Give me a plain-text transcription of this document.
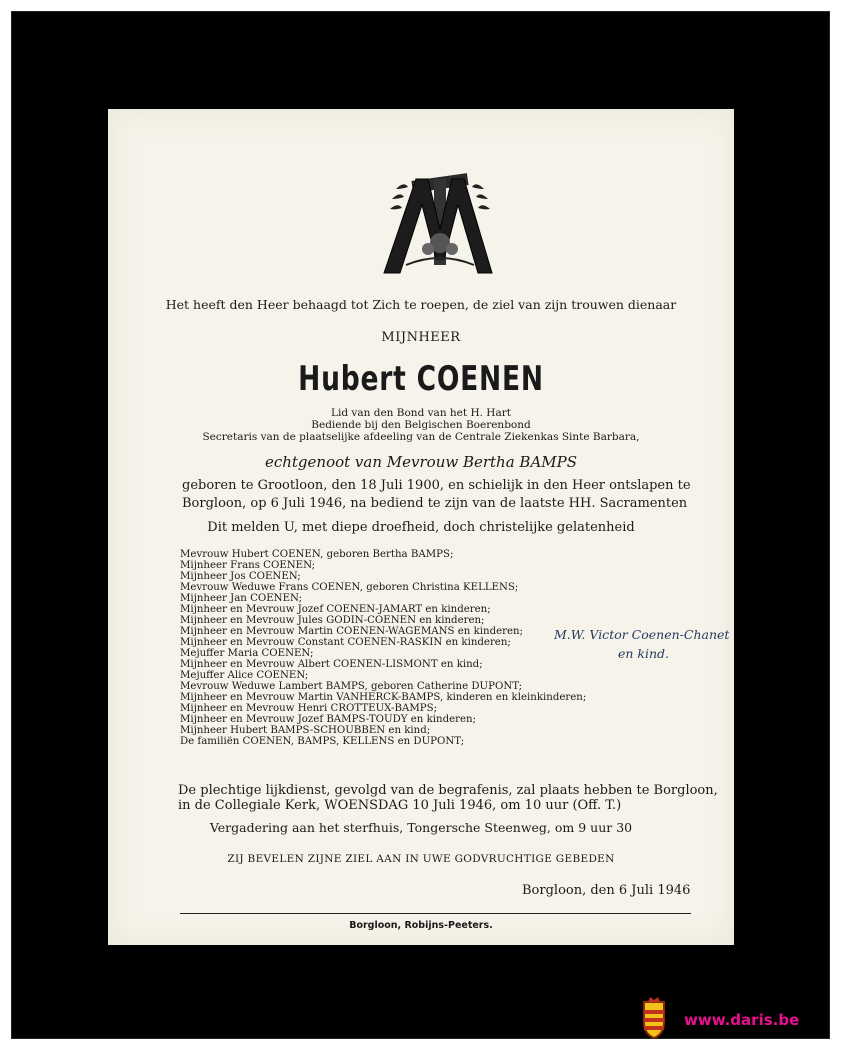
Het heeft den Heer behaagd tot Zich te roepen, de ziel van zijn trouwen dienaar
MIJNHEER
Hubert COENEN
Lid van den Bond van het H. Hart
Bediende bij den Belgischen Boerenbond
Secretaris van de plaatselijke afdeeling van de Centrale Ziekenkas Sinte Barbara,
echtgenoot van Mevrouw Bertha BAMPS
geboren te Grootloon, den 18 Juli 1900, en schielijk in den Heer ontslapen te
Borgloon, op 6 Juli 1946, na bediend te zijn van de laatste HH. Sacramenten
Dit melden U, met diepe droefheid, doch christelijke gelatenheid
Mevrouw Hubert COENEN, geboren Bertha BAMPS;
Mijnheer Frans COENEN;
Mijnheer Jos COENEN;
Mevrouw Weduwe Frans COENEN, geboren Christina KELLENS;
Mijnheer Jan COENEN;
Mijnheer en Mevrouw Jozef COENEN-JAMART en kinderen;
Mijnheer en Mevrouw Jules GODIN-COENEN en kinderen;
Mijnheer en Mevrouw Martin COENEN-WAGEMANS en kinderen;
Mijnheer en Mevrouw Constant COENEN-RASKIN en kinderen;
Mejuffer Maria COENEN;
Mijnheer en Mevrouw Albert COENEN-LISMONT en kind;
Mejuffer Alice COENEN;
Mevrouw Weduwe Lambert BAMPS, geboren Catherine DUPONT;
Mijnheer en Mevrouw Martin VANHERCK-BAMPS, kinderen en kleinkinderen;
Mijnheer en Mevrouw Henri CROTTEUX-BAMPS;
Mijnheer en Mevrouw Jozef BAMPS-TOUDY en kinderen;
Mijnheer Hubert BAMPS-SCHOUBBEN en kind;
De familiën COENEN, BAMPS, KELLENS en DUPONT;
M.W. Victor Coenen-Chanet
en kind.
De plechtige lijkdienst, gevolgd van de begrafenis, zal plaats hebben te Borgloon,
in de Collegiale Kerk, WOENSDAG 10 Juli 1946, om 10 uur (Off. T.)
Vergadering aan het sterfhuis, Tongersche Steenweg, om 9 uur 30
ZIJ BEVELEN ZIJNE ZIEL AAN IN UWE GODVRUCHTIGE GEBEDEN
Borgloon, den 6 Juli 1946
Borgloon, Robijns-Peeters.
www.daris.be
